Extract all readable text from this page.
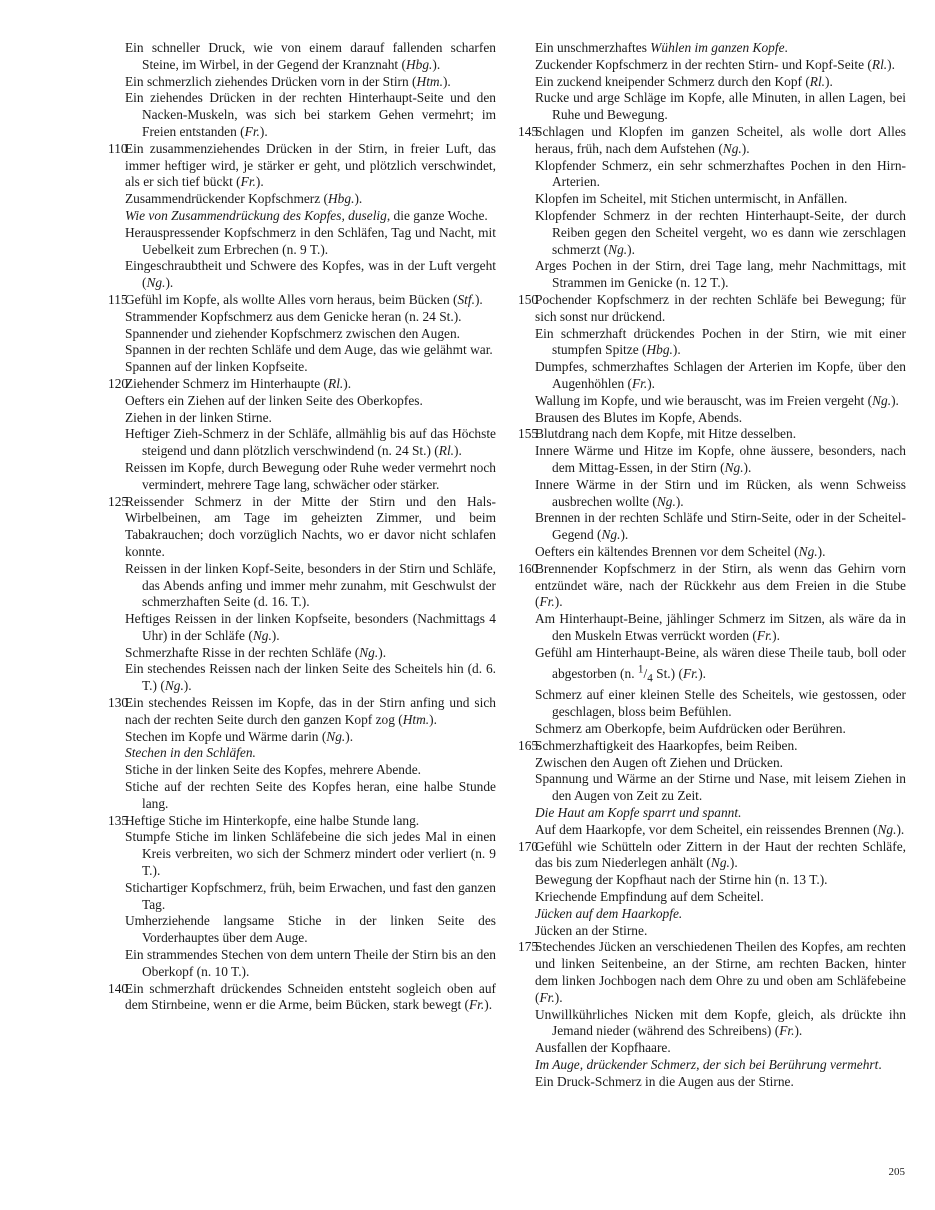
Ein schneller Druck, wie von einem darauf fallenden scharfen Steine, im Wirbel, in der Gegend der Kranznaht (Hbg.).
Ein schmerzlich ziehendes Drücken vorn in der Stirn (Htm.).
Ein ziehendes Drücken in der rechten Hinterhaupt-Seite und den Nacken-Muskeln, was sich bei starkem Gehen vermehrt; im Freien entstanden (Fr.).
110
Ein zusammenziehendes Drücken in der Stirn, in freier Luft, das immer heftiger wird, je stärker er geht, und plötzlich verschwindet, als er sich tief bückt (Fr.).
Zusammendrückender Kopfschmerz (Hbg.).
Wie von Zusammendrückung des Kopfes, duselig, die ganze Woche.
Herauspressender Kopfschmerz in den Schläfen, Tag und Nacht, mit Uebelkeit zum Erbrechen (n. 9 T.).
Eingeschraubtheit und Schwere des Kopfes, was in der Luft vergeht (Ng.).
115
Gefühl im Kopfe, als wollte Alles vorn heraus, beim Bücken (Stf.).
Strammender Kopfschmerz aus dem Genicke heran (n. 24 St.).
Spannender und ziehender Kopfschmerz zwischen den Augen.
Spannen in der rechten Schläfe und dem Auge, das wie gelähmt war.
Spannen auf der linken Kopfseite.
120
Ziehender Schmerz im Hinterhaupte (Rl.).
Oefters ein Ziehen auf der linken Seite des Oberkopfes.
Ziehen in der linken Stirne.
Heftiger Zieh-Schmerz in der Schläfe, allmählig bis auf das Höchste steigend und dann plötzlich verschwindend (n. 24 St.) (Rl.).
Reissen im Kopfe, durch Bewegung oder Ruhe weder vermehrt noch vermindert, mehrere Tage lang, schwächer oder stärker.
125
Reissender Schmerz in der Mitte der Stirn und den Hals-Wirbelbeinen, am Tage im geheizten Zimmer, und beim Tabakrauchen; doch vorzüglich Nachts, wo er davor nicht schlafen konnte.
Reissen in der linken Kopf-Seite, besonders in der Stirn und Schläfe, das Abends anfing und immer mehr zunahm, mit Geschwulst der schmerzhaften Seite (d. 16. T.).
Heftiges Reissen in der linken Kopfseite, besonders (Nachmittags 4 Uhr) in der Schläfe (Ng.).
Schmerzhafte Risse in der rechten Schläfe (Ng.).
Ein stechendes Reissen nach der linken Seite des Scheitels hin (d. 6. T.) (Ng.).
130
Ein stechendes Reissen im Kopfe, das in der Stirn anfing und sich nach der rechten Seite durch den ganzen Kopf zog (Htm.).
Stechen im Kopfe und Wärme darin (Ng.).
Stechen in den Schläfen.
Stiche in der linken Seite des Kopfes, mehrere Abende.
Stiche auf der rechten Seite des Kopfes heran, eine halbe Stunde lang.
135
Heftige Stiche im Hinterkopfe, eine halbe Stunde lang.
Stumpfe Stiche im linken Schläfebeine die sich jedes Mal in einen Kreis verbreiten, wo sich der Schmerz mindert oder verliert (n. 9 T.).
Stichartiger Kopfschmerz, früh, beim Erwachen, und fast den ganzen Tag.
Umherziehende langsame Stiche in der linken Seite des Vorderhauptes über dem Auge.
Ein strammendes Stechen von dem untern Theile der Stirn bis an den Oberkopf (n. 10 T.).
140
Ein schmerzhaft drückendes Schneiden entsteht sogleich oben auf dem Stirnbeine, wenn er die Arme, beim Bücken, stark bewegt (Fr.).
Ein unschmerzhaftes Wühlen im ganzen Kopfe.
Zuckender Kopfschmerz in der rechten Stirn- und Kopf-Seite (Rl.).
Ein zuckend kneipender Schmerz durch den Kopf (Rl.).
Rucke und arge Schläge im Kopfe, alle Minuten, in allen Lagen, bei Ruhe und Bewegung.
145
Schlagen und Klopfen im ganzen Scheitel, als wolle dort Alles heraus, früh, nach dem Aufstehen (Ng.).
Klopfender Schmerz, ein sehr schmerzhaftes Pochen in den Hirn-Arterien.
Klopfen im Scheitel, mit Stichen untermischt, in Anfällen.
Klopfender Schmerz in der rechten Hinterhaupt-Seite, der durch Reiben gegen den Scheitel vergeht, wo es dann wie zerschlagen schmerzt (Ng.).
Arges Pochen in der Stirn, drei Tage lang, mehr Nachmittags, mit Strammen im Genicke (n. 12 T.).
150
Pochender Kopfschmerz in der rechten Schläfe bei Bewegung; für sich sonst nur drückend.
Ein schmerzhaft drückendes Pochen in der Stirn, wie mit einer stumpfen Spitze (Hbg.).
Dumpfes, schmerzhaftes Schlagen der Arterien im Kopfe, über den Augenhöhlen (Fr.).
Wallung im Kopfe, und wie berauscht, was im Freien vergeht (Ng.).
Brausen des Blutes im Kopfe, Abends.
155
Blutdrang nach dem Kopfe, mit Hitze desselben.
Innere Wärme und Hitze im Kopfe, ohne äussere, besonders, nach dem Mittag-Essen, in der Stirn (Ng.).
Innere Wärme in der Stirn und im Rücken, als wenn Schweiss ausbrechen wollte (Ng.).
Brennen in der rechten Schläfe und Stirn-Seite, oder in der Scheitel-Gegend (Ng.).
Oefters ein kältendes Brennen vor dem Scheitel (Ng.).
160
Brennender Kopfschmerz in der Stirn, als wenn das Gehirn vorn entzündet wäre, nach der Rückkehr aus dem Freien in die Stube (Fr.).
Am Hinterhaupt-Beine, jählinger Schmerz im Sitzen, als wäre da in den Muskeln Etwas verrückt worden (Fr.).
Gefühl am Hinterhaupt-Beine, als wären diese Theile taub, boll oder abgestorben (n. $^1/_4$ St.) (Fr.).
Schmerz auf einer kleinen Stelle des Scheitels, wie gestossen, oder geschlagen, bloss beim Befühlen.
Schmerz am Oberkopfe, beim Aufdrücken oder Berühren.
165
Schmerzhaftigkeit des Haarkopfes, beim Reiben.
Zwischen den Augen oft Ziehen und Drücken.
Spannung und Wärme an der Stirne und Nase, mit leisem Ziehen in den Augen von Zeit zu Zeit.
Die Haut am Kopfe sparrt und spannt.
Auf dem Haarkopfe, vor dem Scheitel, ein reissendes Brennen (Ng.).
170
Gefühl wie Schütteln oder Zittern in der Haut der rechten Schläfe, das bis zum Niederlegen anhält (Ng.).
Bewegung der Kopfhaut nach der Stirne hin (n. 13 T.).
Kriechende Empfindung auf dem Scheitel.
Jücken auf dem Haarkopfe.
Jücken an der Stirne.
175
Stechendes Jücken an verschiedenen Theilen des Kopfes, am rechten und linken Seitenbeine, an der Stirne, am rechten Backen, hinter dem linken Jochbogen nach dem Ohre zu und oben am Schläfebeine (Fr.).
Unwillkührliches Nicken mit dem Kopfe, gleich, als drückte ihn Jemand nieder (während des Schreibens) (Fr.).
Ausfallen der Kopfhaare.
Im Auge, drückender Schmerz, der sich bei Berührung vermehrt.
Ein Druck-Schmerz in die Augen aus der Stirne.
205
